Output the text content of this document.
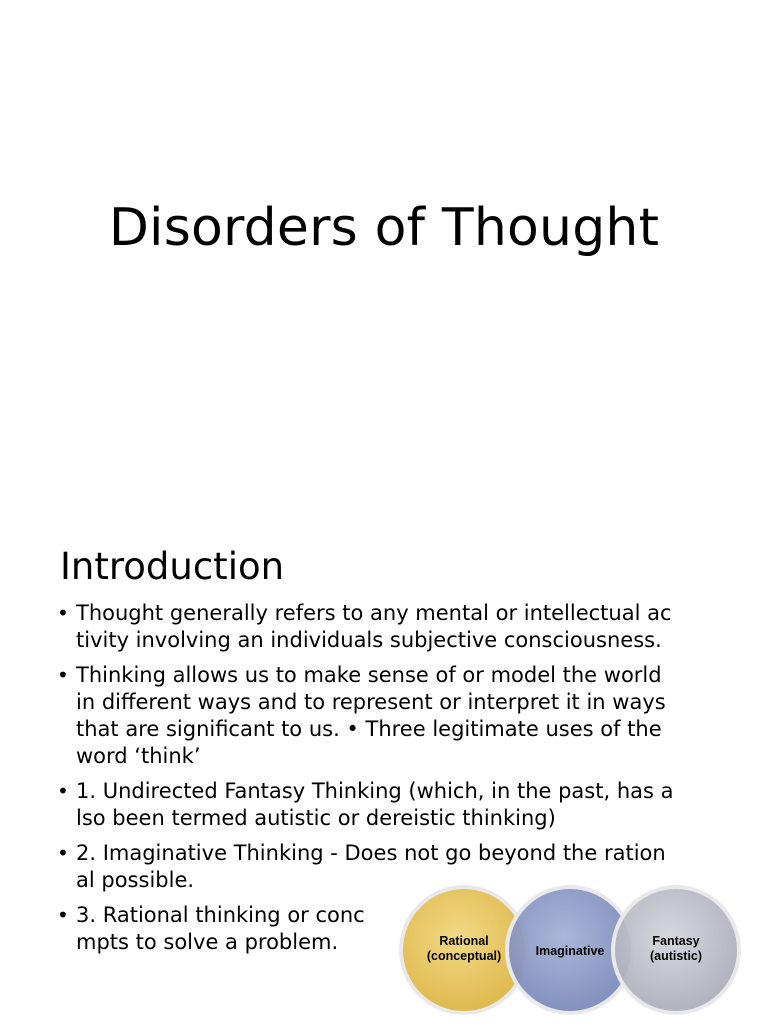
Disorders of Thought
Introduction
• Thought generally refers to any mental or intellectual ac
tivity involving an individuals subjective consciousness.
• Thinking allows us to make sense of or model the world
in different ways and to represent or interpret it in ways
that are significant to us. • Three legitimate uses of the
word ‘think’
• 1. Undirected Fantasy Thinking (which, in the past, has a
lso been termed autistic or dereistic thinking)
• 2. Imaginative Thinking - Does not go beyond the ration
al possible.
• 3. Rational thinking or conc
mpts to solve a problem.	Rational
(conceptual)	Imaginative
Fantasy
(autistic)
